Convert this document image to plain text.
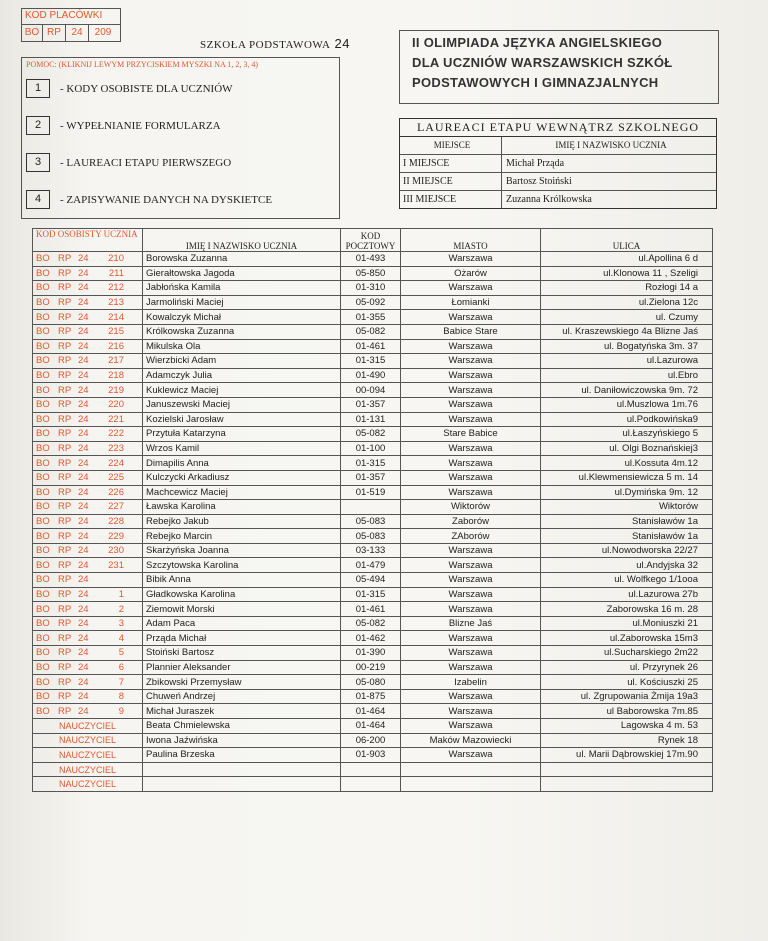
KOD PLACÓWKI
BO RP	24	209
SZKOŁA PODSTAWOWA 24
POMOC: (KLIKNIJ LEWYM PRZYCISKIEM MYSZKI NA 1, 2, 3, 4)
1	- KODY OSOBISTE DLA UCZNIÓW
2	- WYPEŁNIANIE FORMULARZA
3	- LAUREACI ETAPU PIERWSZEGO
4	- ZAPISYWANIE DANYCH NA DYSKIETCE
II OLIMPIADA JĘZYKA ANGIELSKIEGO
DLA UCZNIÓW WARSZAWSKICH SZKÓŁ
PODSTAWOWYCH I GIMNAZJALNYCH
LAUREACI ETAPU WEWNĄTRZ SZKOLNEGO
MIEJSCE	IMIĘ I NAZWISKO UCZNIA
I MIEJSCE	Michał Prząda
II MIEJSCE	Bartosz Stoiński
III MIEJSCE	Zuzanna Królkowska
KOD OSOBISTY UCZNIA	IMIĘ I NAZWISKO UCZNIA	KOD POCZTOWY	MIASTO	ULICA
BO RP 24 210	Borowska Zuzanna	01-493	Warszawa	ul.Apollina 6 d
BO RP 24 211	Gierałtowska Jagoda	05-850	Ożarów	ul.Klonowa 11 , Szeligi
BO RP 24 212	Jabłońska Kamila	01-310	Warszawa	Rozłogi 14 a
BO RP 24 213	Jarmoliński Maciej	05-092	Łomianki	ul.Zielona 12c
BO RP 24 214	Kowalczyk Michał	01-355	Warszawa	ul. Czumy
BO RP 24 215	Królkowska Zuzanna	05-082	Babice Stare	ul. Kraszewskiego 4a Blizne Jaś
BO RP 24 216	Mikulska Ola	01-461	Warszawa	ul. Bogatyńska 3m. 37
BO RP 24 217	Wierzbicki Adam	01-315	Warszawa	ul.Lazurowa
BO RP 24 218	Adamczyk Julia	01-490	Warszawa	ul.Ebro
BO RP 24 219	Kuklewicz Maciej	00-094	Warszawa	ul. Daniłowiczowska 9m. 72
BO RP 24 220	Januszewski Maciej	01-357	Warszawa	ul.Muszlowa 1m.76
BO RP 24 221	Kozielski Jarosław	01-131	Warszawa	ul.Podkowińska9
BO RP 24 222	Przytuła Katarzyna	05-082	Stare Babice	ul.Łaszyńskiego 5
BO RP 24 223	Wrzos Kamil	01-100	Warszawa	ul. Olgi Boznańskiej3
BO RP 24 224	Dimapilis Anna	01-315	Warszawa	ul.Kossuta 4m.12
BO RP 24 225	Kulczycki Arkadiusz	01-357	Warszawa	ul.Klewmensiewicza 5 m. 14
BO RP 24 226	Machcewicz Maciej	01-519	Warszawa	ul.Dymińska 9m. 12
BO RP 24 227	Ławska Karolina		Wiktorów	Wiktorów
BO RP 24 228	Rebejko Jakub	05-083	Zaborów	Stanisławów 1a
BO RP 24 229	Rebejko Marcin	05-083	ZAborów	Stanisławów 1a
BO RP 24 230	Skarżyńska Joanna	03-133	Warszawa	ul.Nowodworska 22/27
BO RP 24 231	Szczytowska Karolina	01-479	Warszawa	ul.Andyjska 32
BO RP 24	Bibik Anna	05-494	Warszawa	ul. Wolfkego 1/1ooa
BO RP 24 1	Gładkowska Karolina	01-315	Warszawa	ul.Lazurowa 27b
BO RP 24 2	Ziemowit Morski	01-461	Warszawa	Zaborowska 16 m. 28
BO RP 24 3	Adam Paca	05-082	Blizne Jaś	ul.Moniuszki 21
BO RP 24 4	Prząda Michał	01-462	Warszawa	ul.Zaborowska 15m3
BO RP 24 5	Stoiński Bartosz	01-390	Warszawa	ul.Sucharskiego 2m22
BO RP 24 6	Plannier Aleksander	00-219	Warszawa	ul. Przyrynek 26
BO RP 24 7	Zbikowski Przemysław	05-080	Izabelin	ul. Kościuszki 25
BO RP 24 8	Chuweń Andrzej	01-875	Warszawa	ul. Zgrupowania Żmija 19a3
BO RP 24 9	Michał Juraszek	01-464	Warszawa	ul Baborowska 7m.85
NAUCZYCIEL	Beata Chmielewska	01-464	Warszawa	Lagowska 4 m. 53
NAUCZYCIEL	Iwona Jaźwińska	06-200	Maków Mazowiecki	Rynek 18
NAUCZYCIEL	Paulina Brzeska	01-903	Warszawa	ul. Marii Dąbrowskiej 17m.90
NAUCZYCIEL				
NAUCZYCIEL				
